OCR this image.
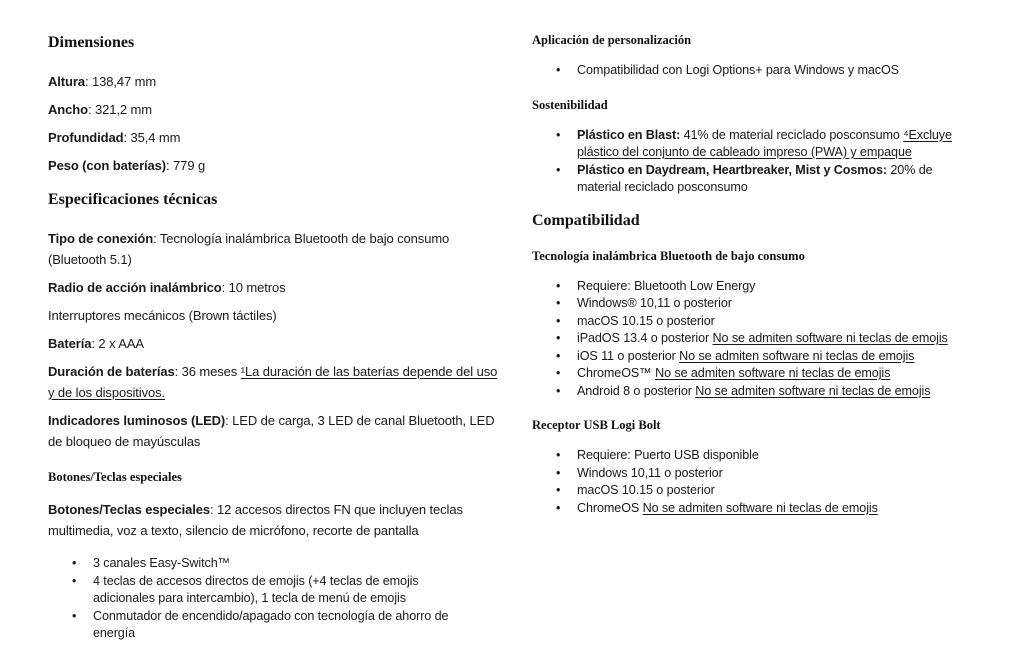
Dimensiones

Altura: 138,47 mm

Ancho: 321,2 mm

Profundidad: 35,4 mm

Peso (con baterías): 779 g

Especificaciones técnicas

Tipo de conexión: Tecnología inalámbrica Bluetooth de bajo consumo (Bluetooth 5.1)

Radio de acción inalámbrico: 10 metros

Interruptores mecánicos (Brown táctiles)

Batería: 2 x AAA

Duración de baterías: 36 meses ¹La duración de las baterías depende del uso y de los dispositivos.

Indicadores luminosos (LED): LED de carga, 3 LED de canal Bluetooth, LED de bloqueo de mayúsculas

Botones/Teclas especiales

Botones/Teclas especiales: 12 accesos directos FN que incluyen teclas multimedia, voz a texto, silencio de micrófono, recorte de pantalla

• 3 canales Easy-Switch™
• 4 teclas de accesos directos de emojis (+4 teclas de emojis adicionales para intercambio), 1 tecla de menú de emojis
• Conmutador de encendido/apagado con tecnología de ahorro de energía
Aplicación de personalización
• Compatibilidad con Logi Options+ para Windows y macOS
Sostenibilidad
• Plástico en Blast: 41% de material reciclado posconsumo ⁴Excluye plástico del conjunto de cableado impreso (PWA) y empaque
• Plástico en Daydream, Heartbreaker, Mist y Cosmos: 20% de material reciclado posconsumo
Compatibilidad
Tecnología inalámbrica Bluetooth de bajo consumo
• Requiere: Bluetooth Low Energy
• Windows® 10,11 o posterior
• macOS 10.15 o posterior
• iPadOS 13.4 o posterior No se admiten software ni teclas de emojis
• iOS 11 o posterior No se admiten software ni teclas de emojis
• ChromeOS™ No se admiten software ni teclas de emojis
• Android 8 o posterior No se admiten software ni teclas de emojis
Receptor USB Logi Bolt
• Requiere: Puerto USB disponible
• Windows 10,11 o posterior
• macOS 10.15 o posterior
• ChromeOS No se admiten software ni teclas de emojis
